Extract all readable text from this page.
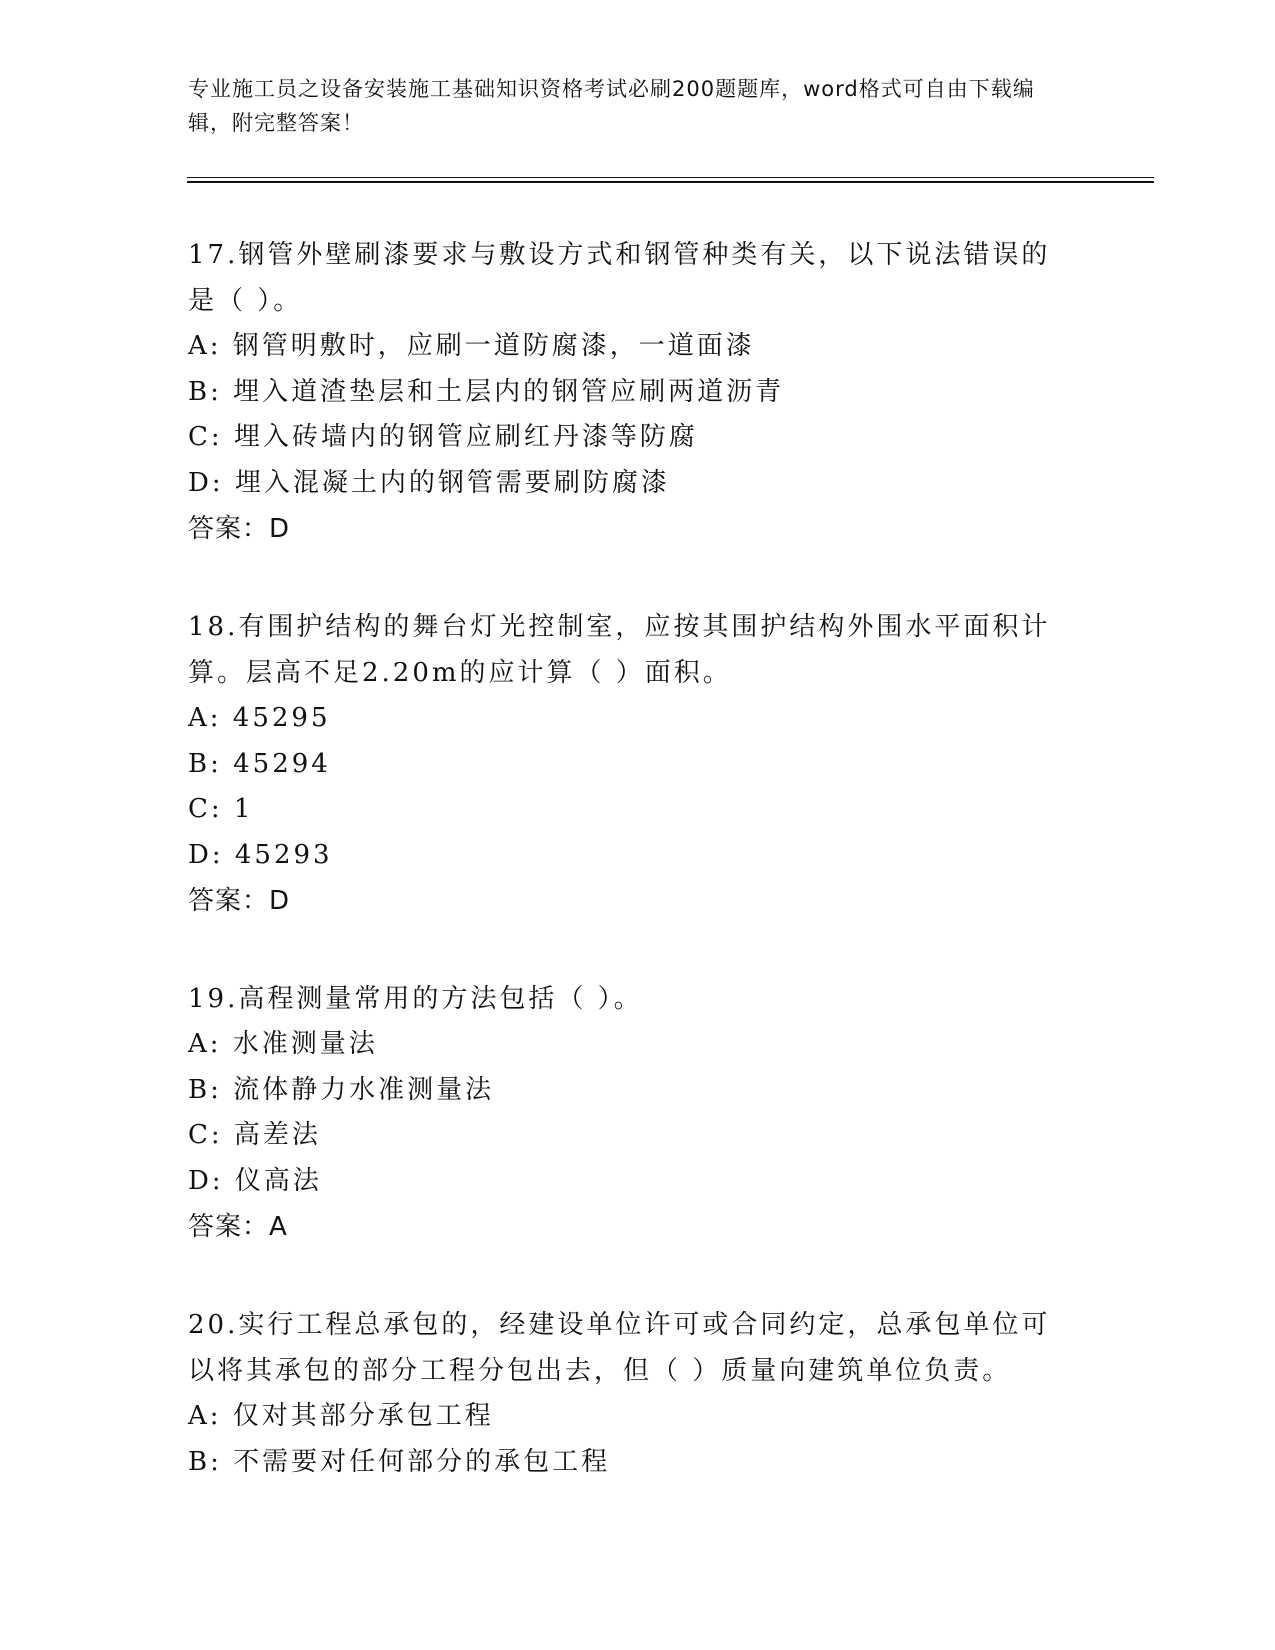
专业施工员之设备安装施工基础知识资格考试必刷200题题库，word格式可自由下载编辑，附完整答案！
17.钢管外壁刷漆要求与敷设方式和钢管种类有关，以下说法错误的是（ ）。
A: 钢管明敷时，应刷一道防腐漆，一道面漆
B: 埋入道渣垫层和土层内的钢管应刷两道沥青
C: 埋入砖墙内的钢管应刷红丹漆等防腐
D: 埋入混凝土内的钢管需要刷防腐漆
答案：D
18.有围护结构的舞台灯光控制室，应按其围护结构外围水平面积计算。层高不足2.20m的应计算（ ）面积。
A: 45295
B: 45294
C: 1
D: 45293
答案：D
19.高程测量常用的方法包括（ ）。
A: 水准测量法
B: 流体静力水准测量法
C: 高差法
D: 仪高法
答案：A
20.实行工程总承包的，经建设单位许可或合同约定，总承包单位可以将其承包的部分工程分包出去，但（ ）质量向建筑单位负责。
A: 仅对其部分承包工程
B: 不需要对任何部分的承包工程
